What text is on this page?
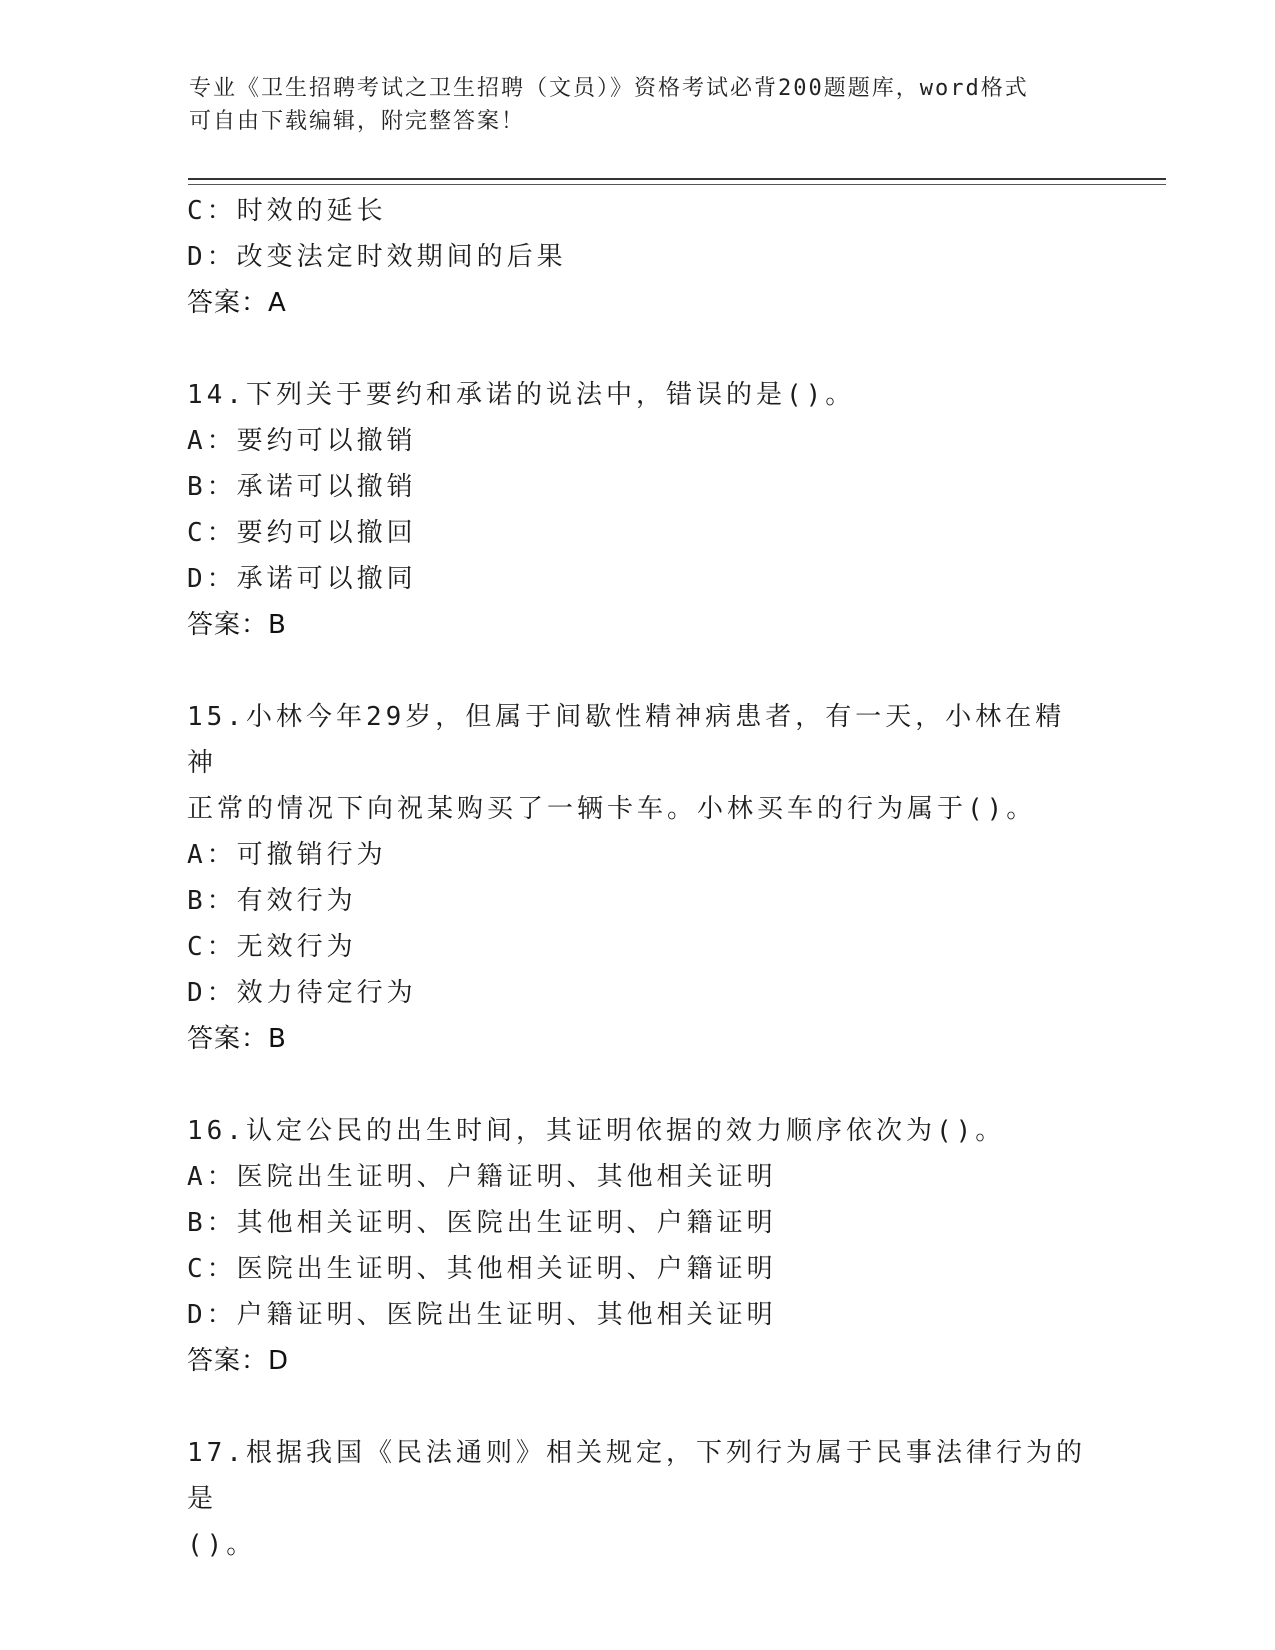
专业《卫生招聘考试之卫生招聘（文员）》资格考试必背200题题库，word格式
可自由下载编辑，附完整答案！
C：时效的延长
D：改变法定时效期间的后果
答案：A
14.下列关于要约和承诺的说法中，错误的是()。
A：要约可以撤销
B：承诺可以撤销
C：要约可以撤回
D：承诺可以撤同
答案：B
15.小林今年29岁，但属于间歇性精神病患者，有一天，小林在精神
正常的情况下向祝某购买了一辆卡车。小林买车的行为属于()。
A：可撤销行为
B：有效行为
C：无效行为
D：效力待定行为
答案：B
16.认定公民的出生时间，其证明依据的效力顺序依次为()。
A：医院出生证明、户籍证明、其他相关证明
B：其他相关证明、医院出生证明、户籍证明
C：医院出生证明、其他相关证明、户籍证明
D：户籍证明、医院出生证明、其他相关证明
答案：D
17.根据我国《民法通则》相关规定，下列行为属于民事法律行为的是
()。
